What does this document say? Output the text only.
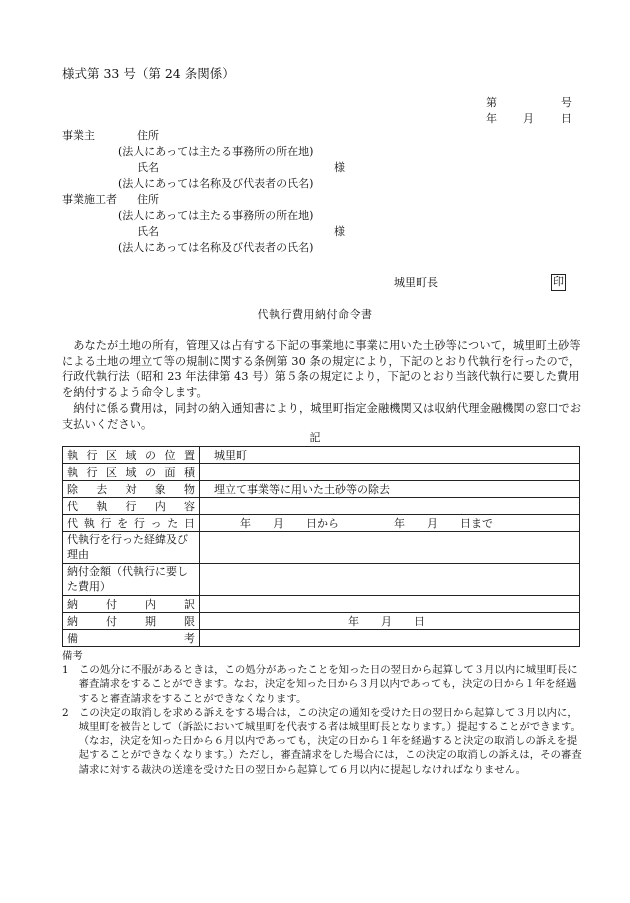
様式第 33 号（第 24 条関係）
第	号
年 月 日
事業主	住所
(法人にあっては主たる事務所の所在地)
氏名	様
(法人にあっては名称及び代表者の氏名)
事業施工者 住所
(法人にあっては主たる事務所の所在地)
氏名	様
(法人にあっては名称及び代表者の氏名)
城里町長	印
代執行費用納付命令書

あなたが土地の所有，管理又は占有する下記の事業地に事業に用いた土砂等について，城里町土砂等による土地の埋立て等の規制に関する条例第 30 条の規定により，下記のとおり代執行を行ったので，行政代執行法（昭和 23 年法律第 43 号）第５条の規定により，下記のとおり当該代執行に要した費用を納付するよう命令します。

納付に係る費用は，同封の納入通知書により，城里町指定金融機関又は収納代理金融機関の窓口でお支払いください。

記
執行区域の位置	城里町
執行区域の面積	
除去対象物	埋立て事業等に用いた土砂等の除去
代執行内容	
代執行を行った日	年　　月　　日から　　　　　年　　月　　日まで
代執行を行った経緯及び理由	
納付金額（代執行に要した費用）	
納付内訳	
納付期限	年　　月　　日
備考	
備考
1　 この処分に不服があるときは，この処分があったことを知った日の翌日から起算して３月以内に城里町長に審査請求をすることができます。なお，決定を知った日から３月以内であっても，決定の日から１年を経過すると審査請求をすることができなくなります。
2　 この決定の取消しを求める訴えをする場合は，この決定の通知を受けた日の翌日から起算して３月以内に，城里町を被告として（訴訟において城里町を代表する者は城里町長となります。）提起することができます。（なお，決定を知った日から６月以内であっても，決定の日から１年を経過すると決定の取消しの訴えを提起することができなくなります。）ただし，審査請求をした場合には，この決定の取消しの訴えは，その審査請求に対する裁決の送達を受けた日の翌日から起算して６月以内に提起しなければなりません。
